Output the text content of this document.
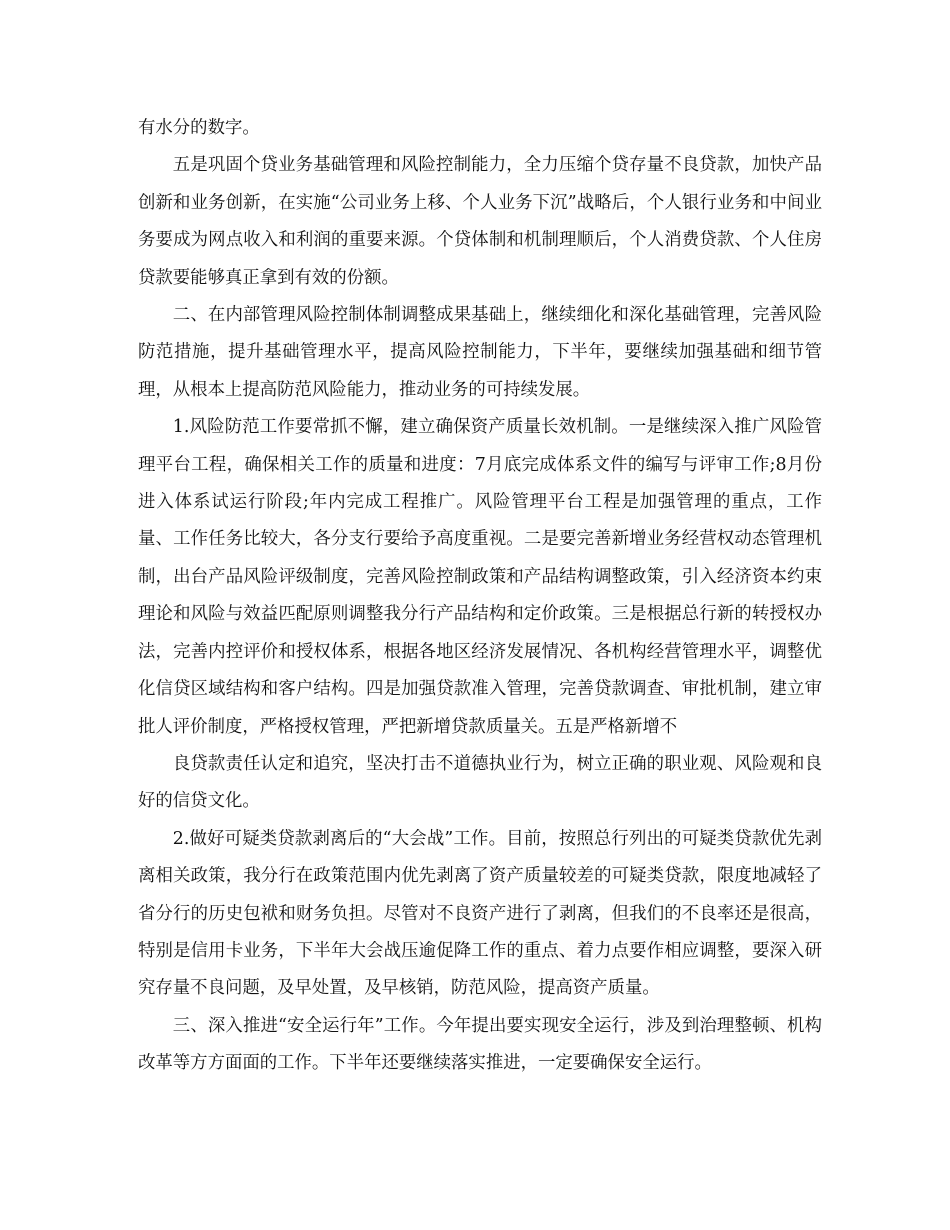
有水分的数字。

五是巩固个贷业务基础管理和风险控制能力，全力压缩个贷存量不良贷款，加快产品创新和业务创新，在实施“公司业务上移、个人业务下沉”战略后，个人银行业务和中间业务要成为网点收入和利润的重要来源。个贷体制和机制理顺后，个人消费贷款、个人住房贷款要能够真正拿到有效的份额。

二、在内部管理风险控制体制调整成果基础上，继续细化和深化基础管理，完善风险防范措施，提升基础管理水平，提高风险控制能力，下半年，要继续加强基础和细节管理，从根本上提高防范风险能力，推动业务的可持续发展。

1.风险防范工作要常抓不懈，建立确保资产质量长效机制。一是继续深入推广风险管理平台工程，确保相关工作的质量和进度：7月底完成体系文件的编写与评审工作;8月份进入体系试运行阶段;年内完成工程推广。风险管理平台工程是加强管理的重点，工作量、工作任务比较大，各分支行要给予高度重视。二是要完善新增业务经营权动态管理机制，出台产品风险评级制度，完善风险控制政策和产品结构调整政策，引入经济资本约束理论和风险与效益匹配原则调整我分行产品结构和定价政策。三是根据总行新的转授权办法，完善内控评价和授权体系，根据各地区经济发展情况、各机构经营管理水平，调整优化信贷区域结构和客户结构。四是加强贷款准入管理，完善贷款调查、审批机制，建立审批人评价制度，严格授权管理，严把新增贷款质量关。五是严格新增不

良贷款责任认定和追究，坚决打击不道德执业行为，树立正确的职业观、风险观和良好的信贷文化。

2.做好可疑类贷款剥离后的“大会战”工作。目前，按照总行列出的可疑类贷款优先剥离相关政策，我分行在政策范围内优先剥离了资产质量较差的可疑类贷款，限度地减轻了省分行的历史包袱和财务负担。尽管对不良资产进行了剥离，但我们的不良率还是很高，特别是信用卡业务，下半年大会战压逾促降工作的重点、着力点要作相应调整，要深入研究存量不良问题，及早处置，及早核销，防范风险，提高资产质量。

三、深入推进“安全运行年”工作。今年提出要实现安全运行，涉及到治理整顿、机构改革等方方面面的工作。下半年还要继续落实推进，一定要确保安全运行。
